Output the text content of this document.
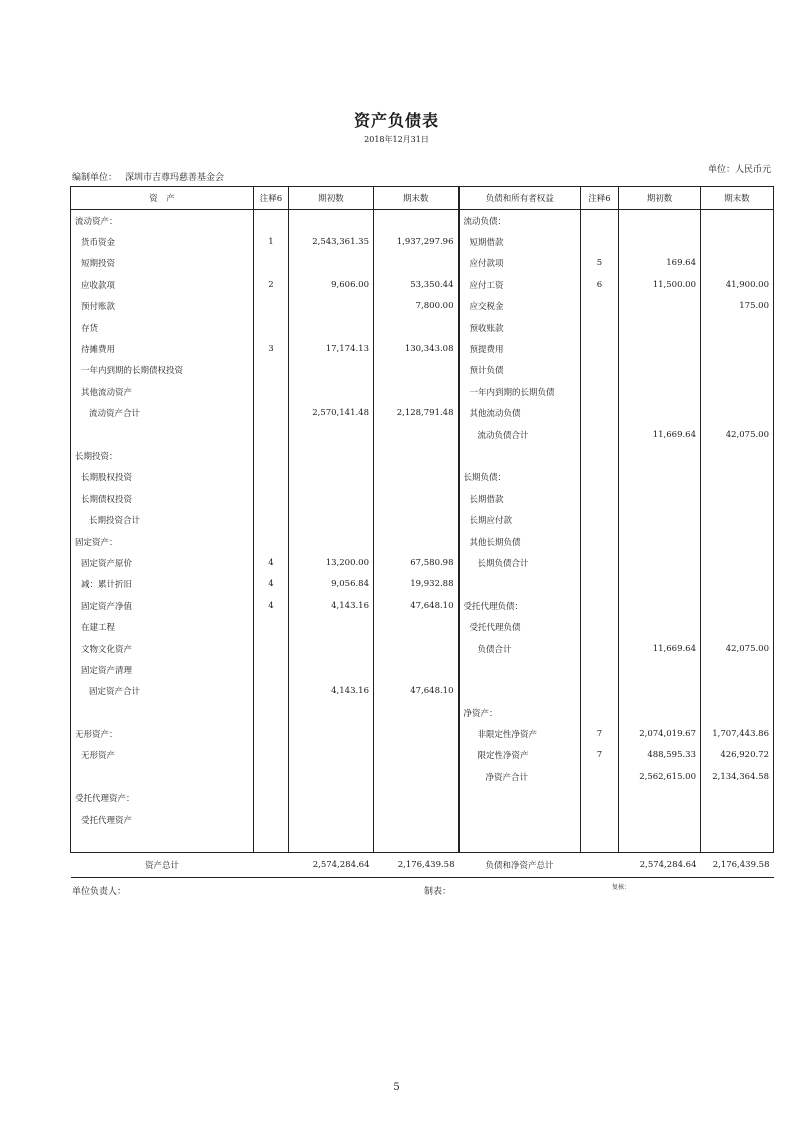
资产负债表
2018年12月31日
编制单位： 深圳市吉尊玛慈善基金会
单位：人民币元
资　产	注释6	期初数	期末数	负债和所有者权益	注释6	期初数	期末数
流动资产：				流动负债：			
货币资金	1	2,543,361.35	1,937,297.96	短期借款			
短期投资				应付款项	5	169.64	
应收款项	2	9,606.00	53,350.44	应付工资	6	11,500.00	41,900.00
预付账款			7,800.00	应交税金			175.00
存货				预收账款			
待摊费用	3	17,174.13	130,343.08	预提费用			
一年内到期的长期债权投资				预计负债			
其他流动资产				一年内到期的长期负债			
流动资产合计		2,570,141.48	2,128,791.48	其他流动负债			
				流动负债合计		11,669.64	42,075.00
长期投资：							
长期股权投资				长期负债：			
长期债权投资				长期借款			
长期投资合计				长期应付款			
固定资产：				其他长期负债			
固定资产原价	4	13,200.00	67,580.98	长期负债合计			
减：累计折旧	4	9,056.84	19,932.88				
固定资产净值	4	4,143.16	47,648.10	受托代理负债：			
在建工程				受托代理负债			
文物文化资产				负债合计		11,669.64	42,075.00
固定资产清理							
固定资产合计		4,143.16	47,648.10				
				净资产：			
无形资产：				非限定性净资产	7	2,074,019.67	1,707,443.86
无形资产				限定性净资产	7	488,595.33	426,920.72
				净资产合计		2,562,615.00	2,134,364.58
受托代理资产：							
受托代理资产							

资产总计		2,574,284.64	2,176,439.58	负债和净资产总计		2,574,284.64	2,176,439.58
单位负责人：	制表：	复核：
5
